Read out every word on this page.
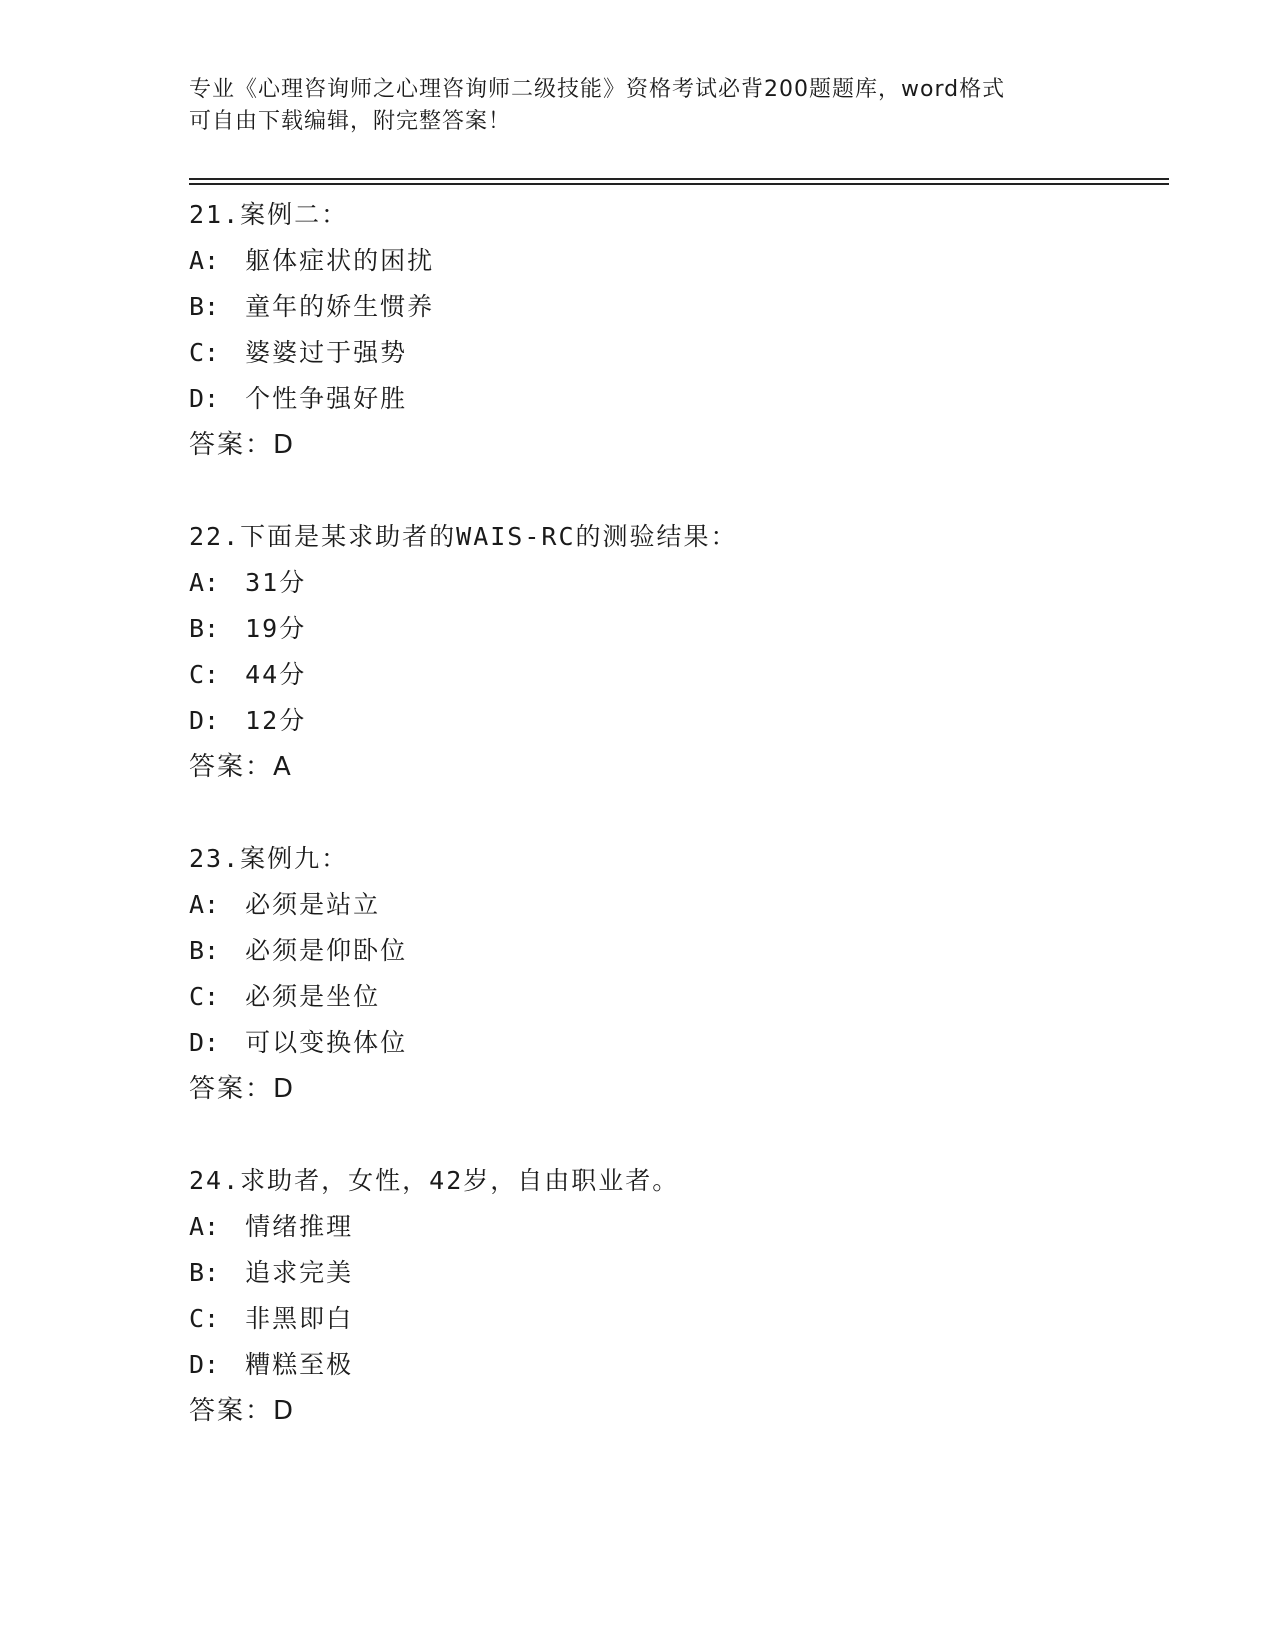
专业《心理咨询师之心理咨询师二级技能》资格考试必背200题题库，word格式
可自由下载编辑，附完整答案！
21.案例二：
A: 躯体症状的困扰
B: 童年的娇生惯养
C: 婆婆过于强势
D: 个性争强好胜
答案：D
22.下面是某求助者的WAIS-RC的测验结果：
A: 31分
B: 19分
C: 44分
D: 12分
答案：A
23.案例九：
A: 必须是站立
B: 必须是仰卧位
C: 必须是坐位
D: 可以变换体位
答案：D
24.求助者，女性，42岁，自由职业者。
A: 情绪推理
B: 追求完美
C: 非黑即白
D: 糟糕至极
答案：D
